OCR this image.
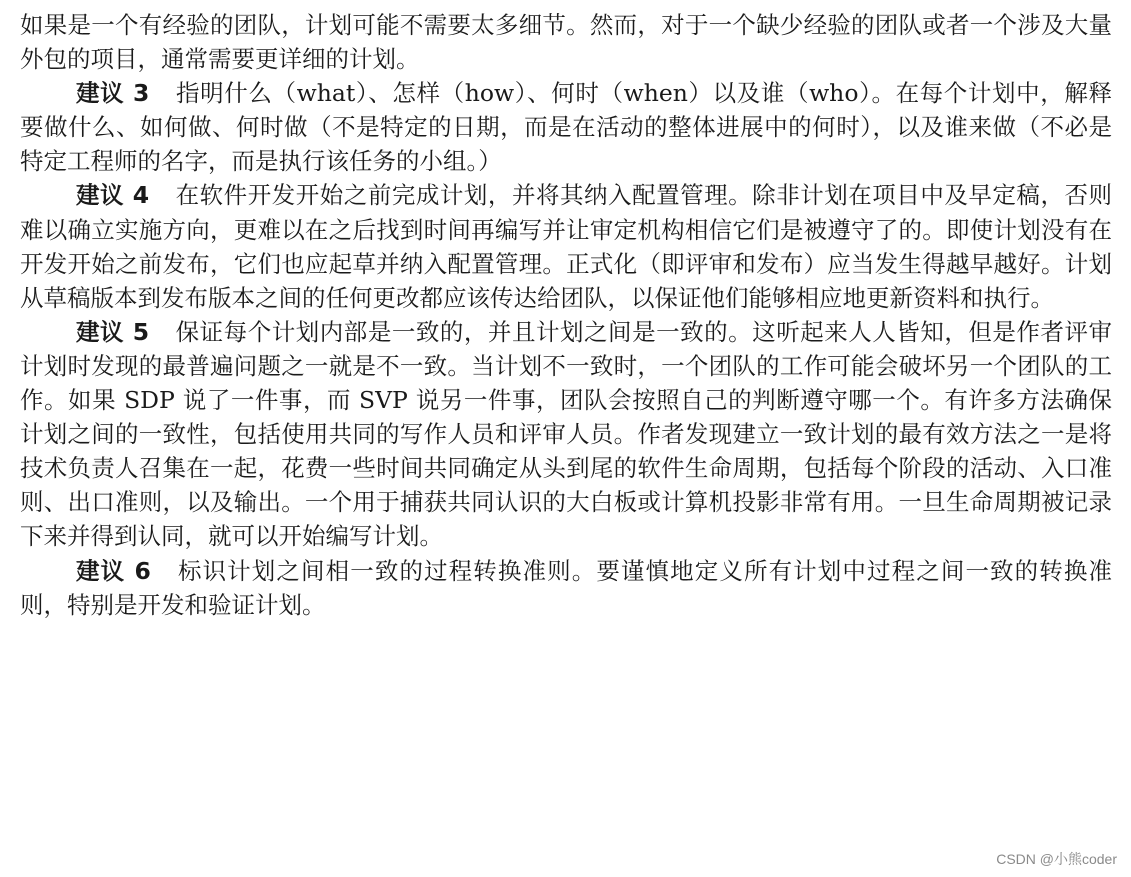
如果是一个有经验的团队，计划可能不需要太多细节。然而，对于一个缺少经验的团队或者一个涉及大量外包的项目，通常需要更详细的计划。

建议 3 指明什么（what）、怎样（how）、何时（when）以及谁（who）。在每个计划中，解释要做什么、如何做、何时做（不是特定的日期，而是在活动的整体进展中的何时），以及谁来做（不必是特定工程师的名字，而是执行该任务的小组。）

建议 4 在软件开发开始之前完成计划，并将其纳入配置管理。除非计划在项目中及早定稿，否则难以确立实施方向，更难以在之后找到时间再编写并让审定机构相信它们是被遵守了的。即使计划没有在开发开始之前发布，它们也应起草并纳入配置管理。正式化（即评审和发布）应当发生得越早越好。计划从草稿版本到发布版本之间的任何更改都应该传达给团队，以保证他们能够相应地更新资料和执行。

建议 5 保证每个计划内部是一致的，并且计划之间是一致的。这听起来人人皆知，但是作者评审计划时发现的最普遍问题之一就是不一致。当计划不一致时，一个团队的工作可能会破坏另一个团队的工作。如果 SDP 说了一件事，而 SVP 说另一件事，团队会按照自己的判断遵守哪一个。有许多方法确保计划之间的一致性，包括使用共同的写作人员和评审人员。作者发现建立一致计划的最有效方法之一是将技术负责人召集在一起，花费一些时间共同确定从头到尾的软件生命周期，包括每个阶段的活动、入口准则、出口准则，以及输出。一个用于捕获共同认识的大白板或计算机投影非常有用。一旦生命周期被记录下来并得到认同，就可以开始编写计划。

建议 6 标识计划之间相一致的过程转换准则。要谨慎地定义所有计划中过程之间一致的转换准则，特别是开发和验证计划。

CSDN @小熊coder
